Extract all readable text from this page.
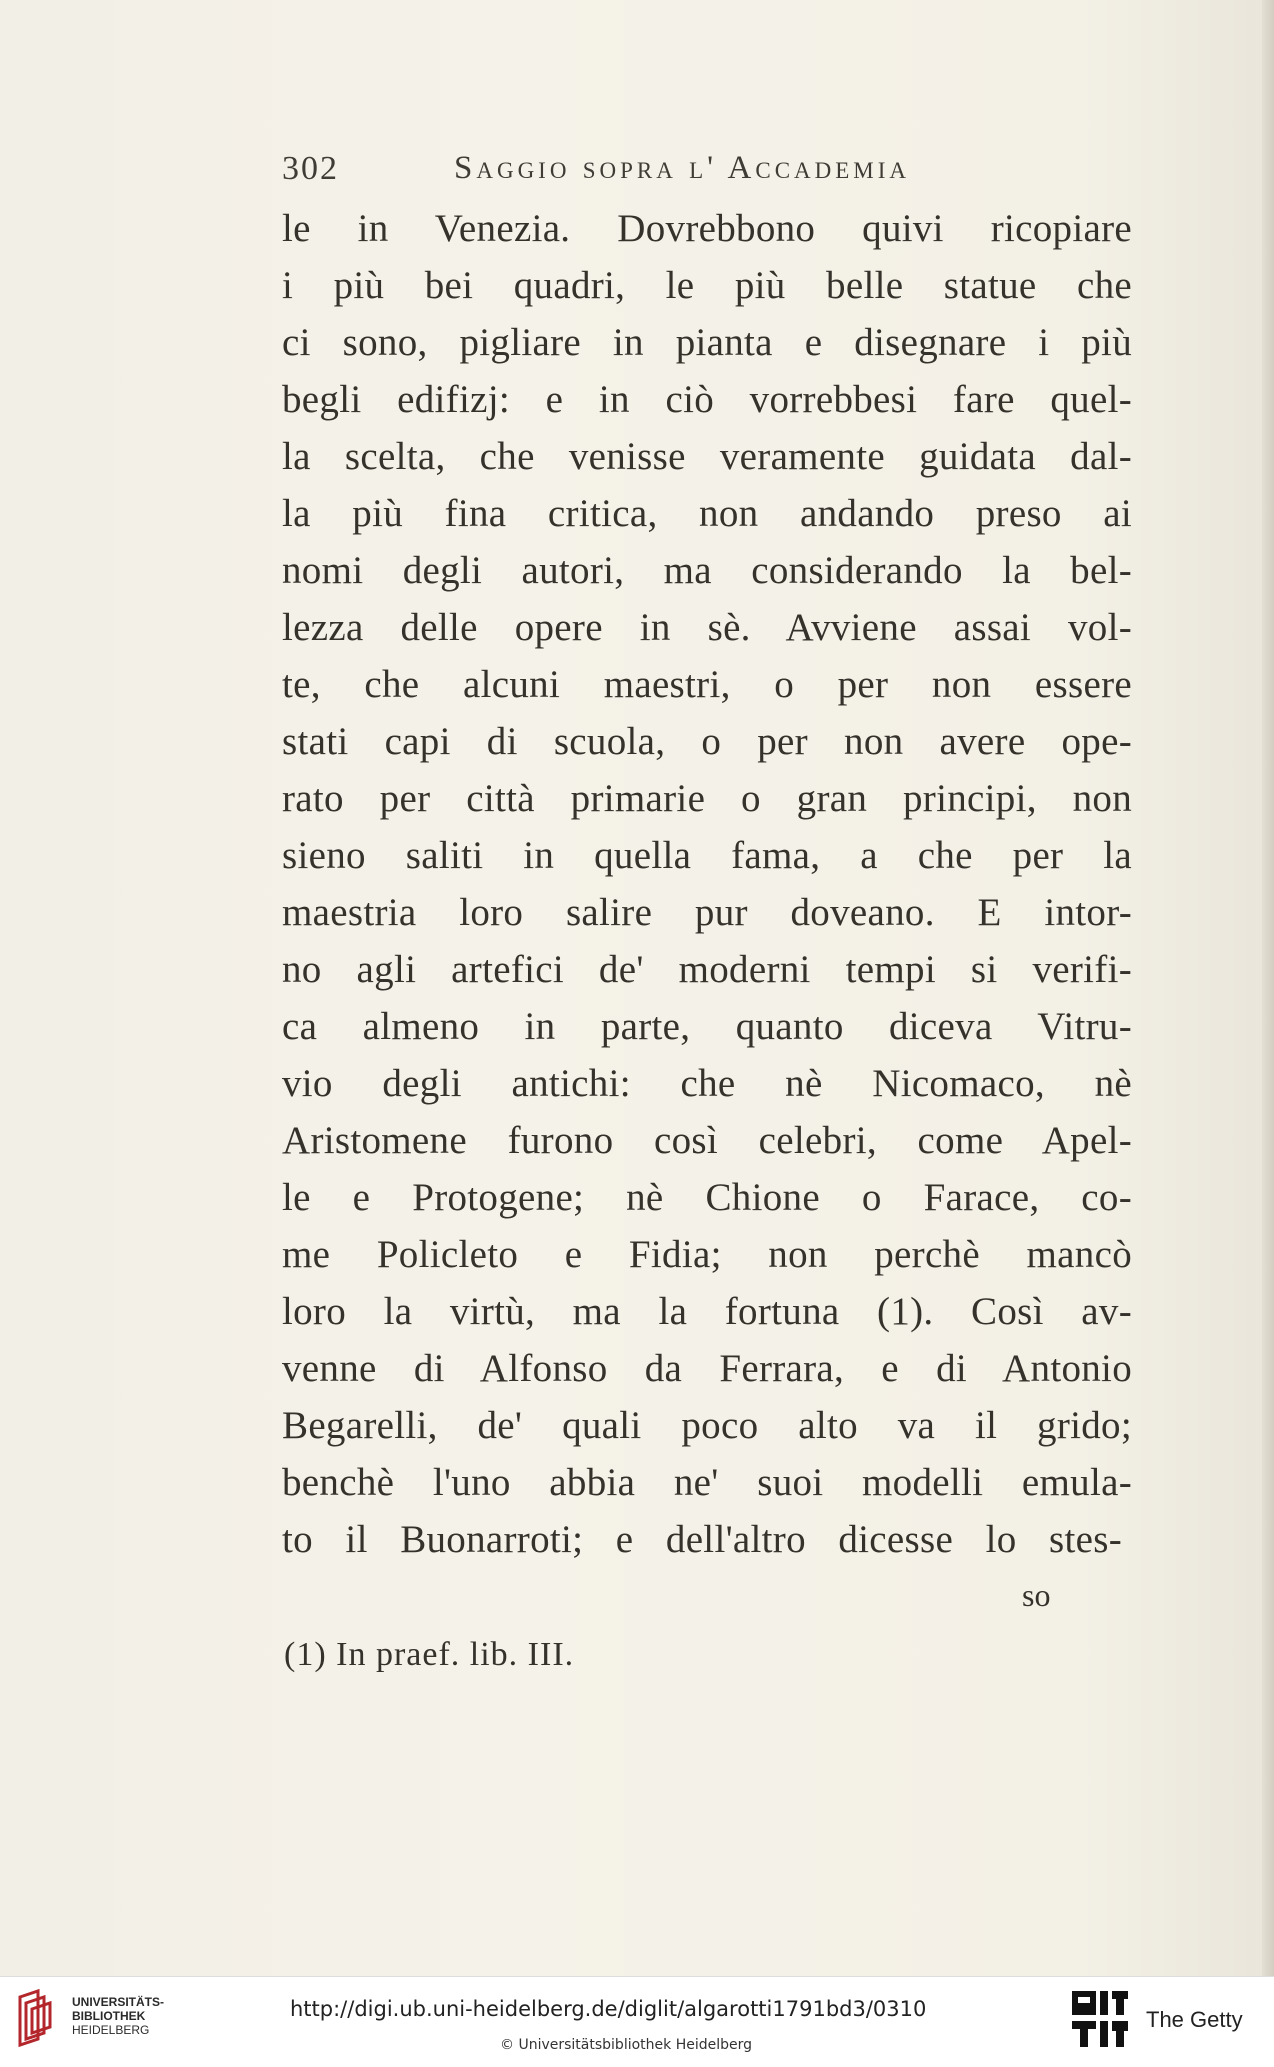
302	Saggio sopra l' Accademia
le in Venezia. Dovrebbono quivi ricopiare
i più bei quadri, le più belle statue che
ci sono, pigliare in pianta e disegnare i più
begli edifizj: e in ciò vorrebbesi fare quel-
la scelta, che venisse veramente guidata dal-
la più fina critica, non andando preso ai
nomi degli autori, ma considerando la bel-
lezza delle opere in sè. Avviene assai vol-
te, che alcuni maestri, o per non essere
stati capi di scuola, o per non avere ope-
rato per città primarie o gran principi, non
sieno saliti in quella fama, a che per la
maestria loro salire pur doveano. E intor-
no agli artefici de' moderni tempi si verifi-
ca almeno in parte, quanto diceva Vitru-
vio degli antichi: che nè Nicomaco, nè
Aristomene furono così celebri, come Apel-
le e Protogene; nè Chione o Farace, co-
me Policleto e Fidia; non perchè mancò
loro la virtù, ma la fortuna (1). Così av-
venne di Alfonso da Ferrara, e di Antonio
Begarelli, de' quali poco alto va il grido;
benchè l'uno abbia ne' suoi modelli emula-
to il Buonarroti; e dell'altro dicesse lo stes-
so
(1) In praef. lib. III.
UNIVERSITÄTS-
BIBLIOTHEK
HEIDELBERG
http://digi.ub.uni-heidelberg.de/diglit/algarotti1791bd3/0310
© Universitätsbibliothek Heidelberg
The Getty
